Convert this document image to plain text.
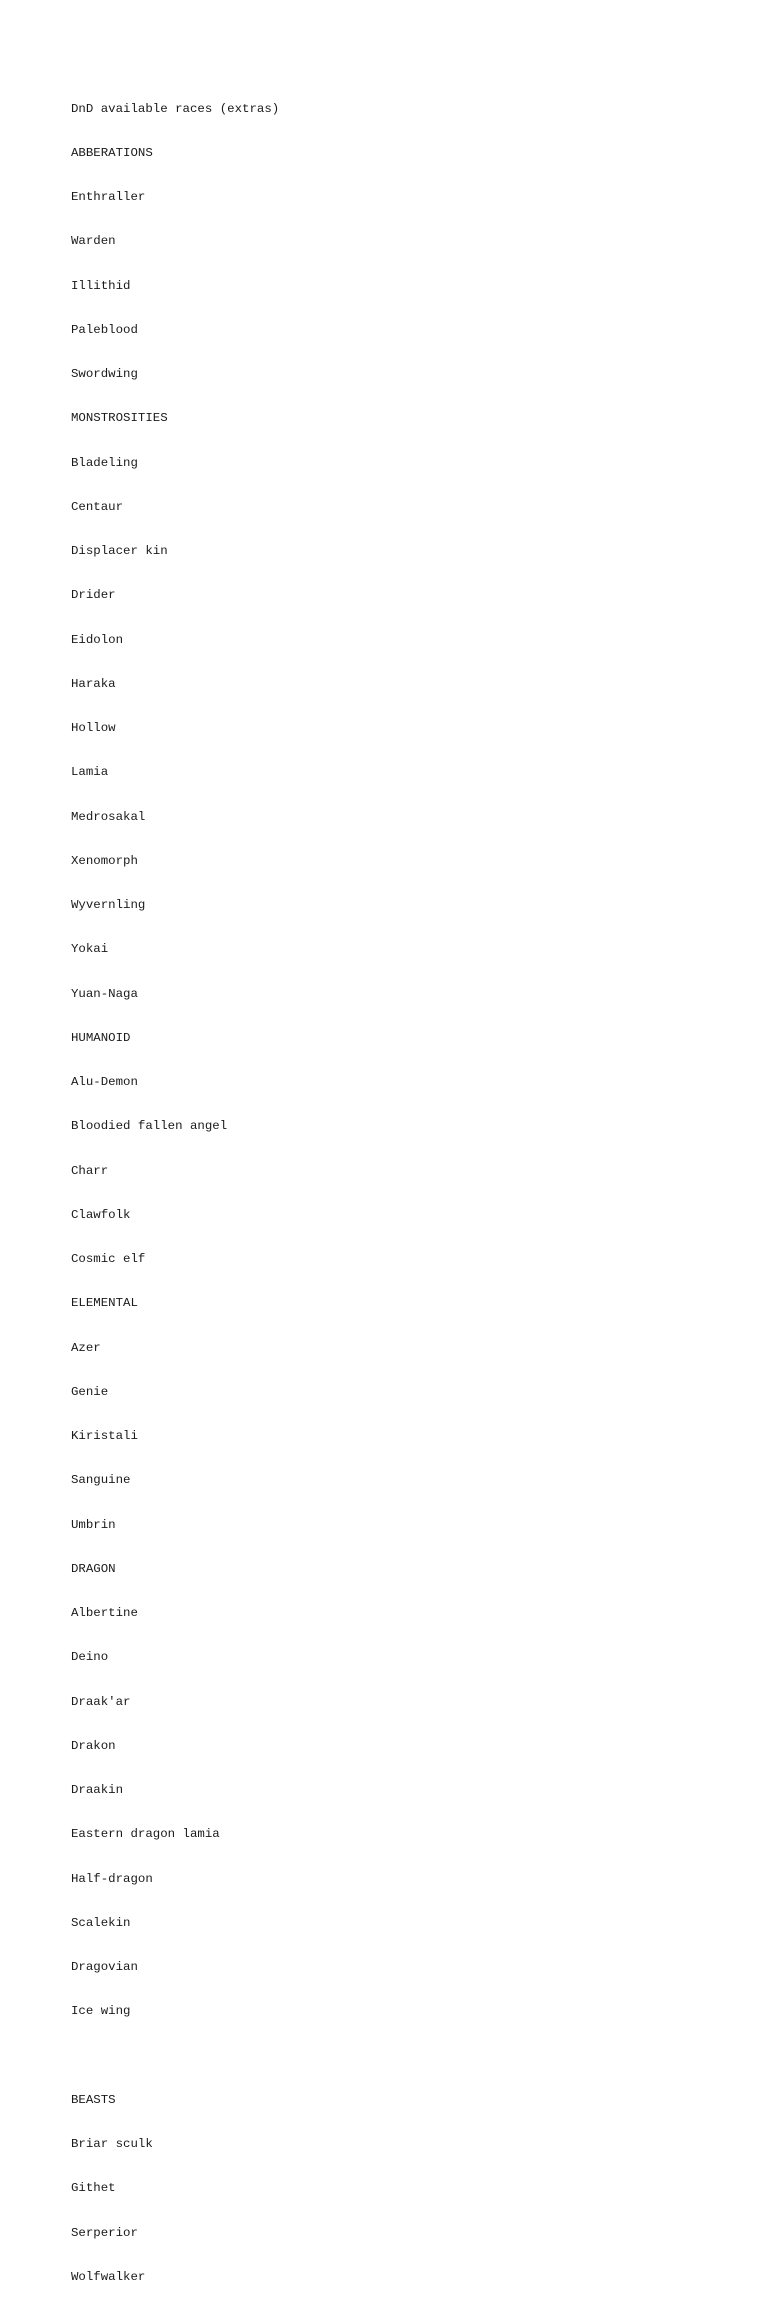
DnD available races (extras)

ABBERATIONS

Enthraller

Warden

Illithid

Paleblood

Swordwing

MONSTROSITIES

Bladeling

Centaur

Displacer kin

Drider

Eidolon

Haraka

Hollow

Lamia

Medrosakal

Xenomorph

Wyvernling

Yokai

Yuan-Naga

HUMANOID

Alu-Demon

Bloodied fallen angel

Charr

Clawfolk

Cosmic elf

ELEMENTAL

Azer

Genie

Kiristali

Sanguine

Umbrin

DRAGON

Albertine

Deino

Draak'ar

Drakon

Draakin

Eastern dragon lamia

Half-dragon

Scalekin

Dragovian

Ice wing

BEASTS

Briar sculk

Githet

Serperior

Wolfwalker
